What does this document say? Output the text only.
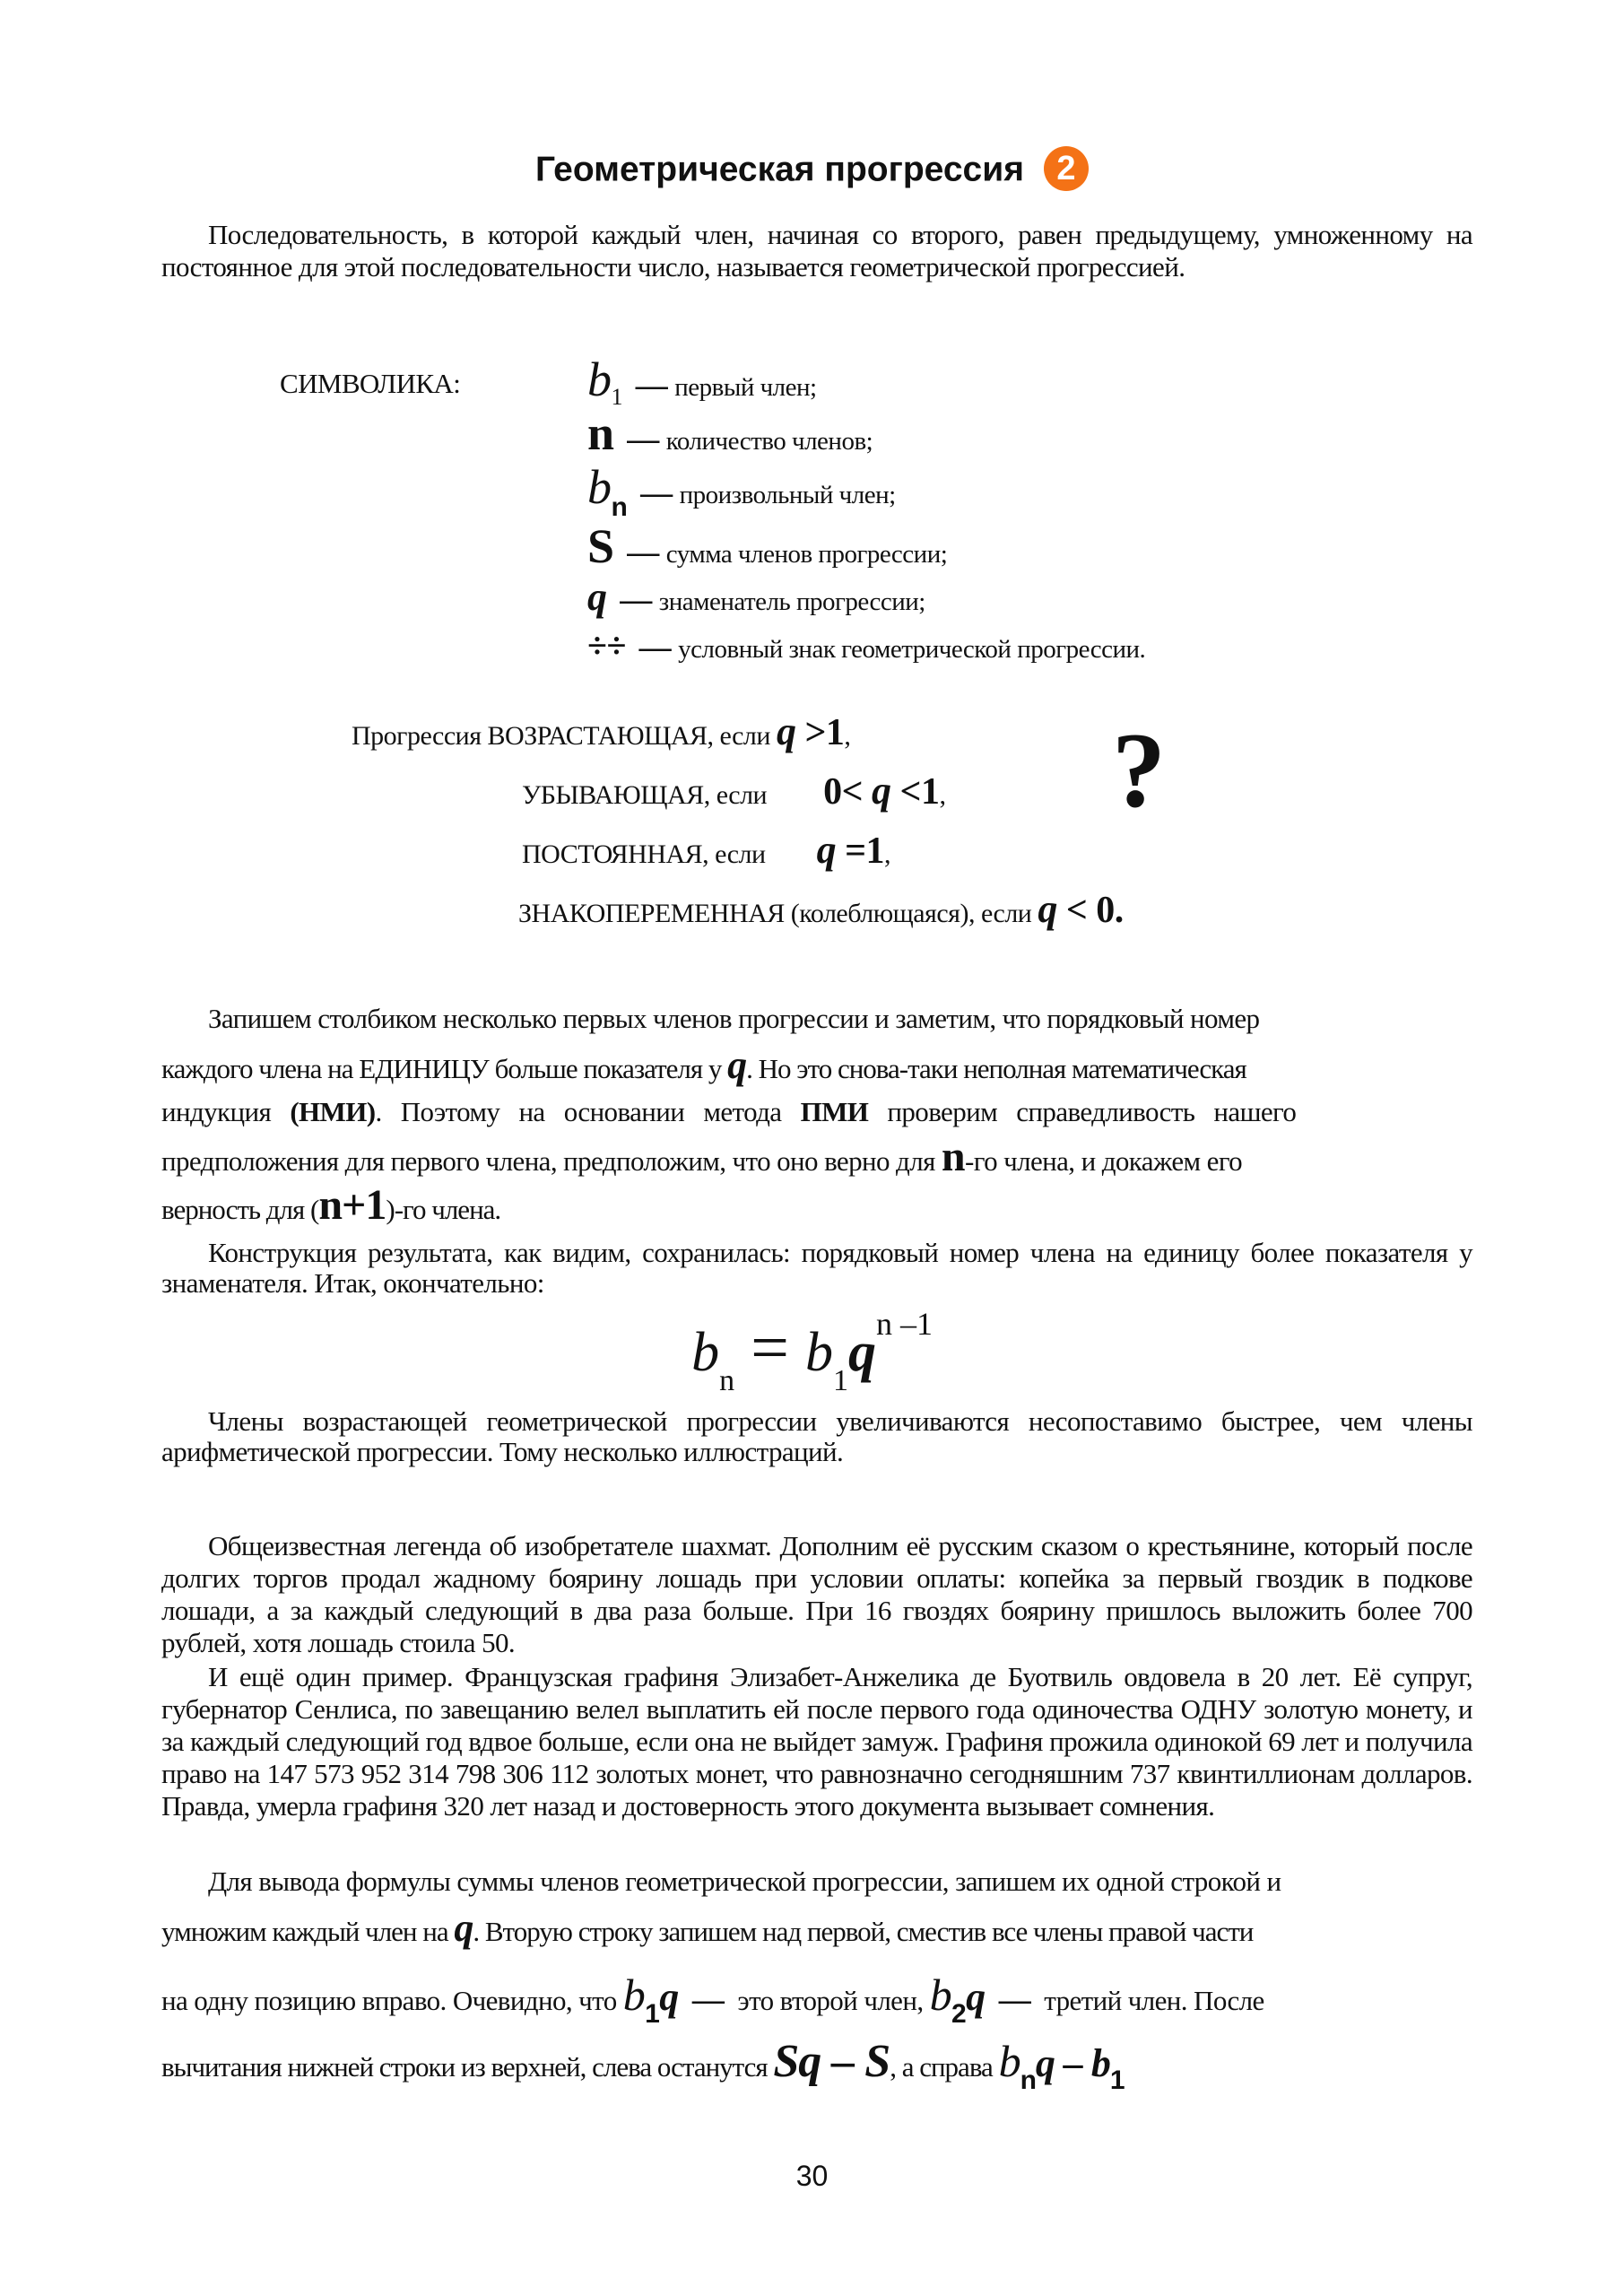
Геометрическая прогрессия 2
Последовательность, в которой каждый член, начиная со второго, равен предыдущему, умноженному на постоянное для этой последовательности число, называется геометрической прогрессией.
СИМВОЛИКА:	b1 — первый член;
n — количество членов;
bn — произвольный член;
S — сумма членов прогрессии;
q — знаменатель прогрессии;
÷÷ — условный знак геометрической прогрессии.
Прогрессия ВОЗРАСТАЮЩАЯ, если q >1,
УБЫВАЮЩАЯ, если 0< q <1,
ПОСТОЯННАЯ, если q =1,
ЗНАКОПЕРЕМЕННАЯ (колеблющаяся), если q < 0.
?
Запишем столбиком несколько первых членов прогрессии и заметим, что порядковый номер
каждого члена на ЕДИНИЦУ больше показателя у q. Но это снова-таки неполная математическая
индукция (НМИ). Поэтому на основании метода ПМИ проверим справедливость нашего
предположения для первого члена, предположим, что оно верно для n-го члена, и докажем его
верность для (n+1)-го члена.
Конструкция результата, как видим, сохранилась: порядковый номер члена на единицу более показателя у знаменателя. Итак, окончательно:
$b_n = b_1q^{n -1}$
Члены возрастающей геометрической прогрессии увеличиваются несопоставимо быстрее, чем члены арифметической прогрессии. Тому несколько иллюстраций.
Общеизвестная легенда об изобретателе шахмат. Дополним её русским сказом о крестьянине, который после долгих торгов продал жадному боярину лошадь при условии оплаты: копейка за первый гвоздик в подкове лошади, а за каждый следующий в два раза больше. При 16 гвоздях боярину пришлось выложить более 700 рублей, хотя лошадь стоила 50.
И ещё один пример. Французская графиня Элизабет-Анжелика де Буотвиль овдовела в 20 лет. Её супруг, губернатор Сенлиса, по завещанию велел выплатить ей после первого года одиночества ОДНУ золотую монету, и за каждый следующий год вдвое больше, если она не выйдет замуж. Графиня прожила одинокой 69 лет и получила право на 147 573 952 314 798 306 112 золотых монет, что равнозначно сегодняшним 737 квинтиллионам долларов. Правда, умерла графиня 320 лет назад и достоверность этого документа вызывает сомнения.
Для вывода формулы суммы членов геометрической прогрессии, запишем их одной строкой и
умножим каждый член на q. Вторую строку запишем над первой, сместив все члены правой части
на одну позицию вправо. Очевидно, что b1q — это второй член, b2q — третий член. После
вычитания нижней строки из верхней, слева останутся Sq – S, а справа bnq – b1
30
